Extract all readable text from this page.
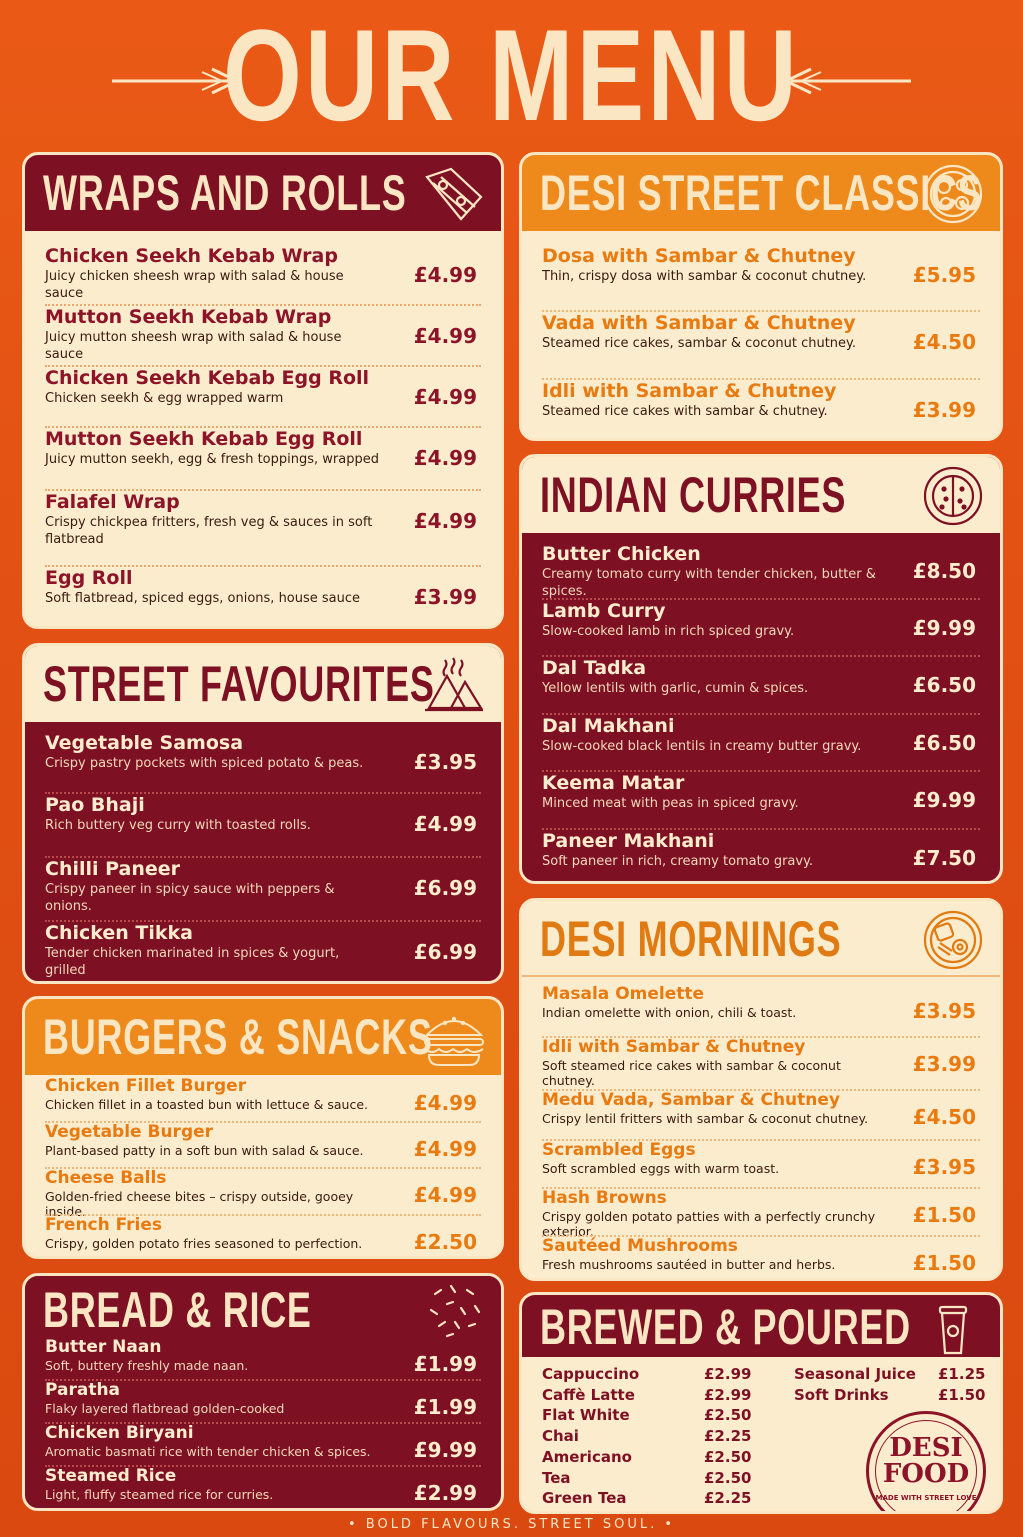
OUR MENU
WRAPS AND ROLLS
Chicken Seekh Kebab Wrap
Juicy chicken sheesh wrap with salad & house sauce
£4.99
Mutton Seekh Kebab Wrap
Juicy mutton sheesh wrap with salad & house sauce
£4.99
Chicken Seekh Kebab Egg Roll
Chicken seekh & egg wrapped warm	£4.99
Mutton Seekh Kebab Egg Roll
Juicy mutton seekh, egg & fresh toppings, wrapped	£4.99
Falafel Wrap
Crispy chickpea fritters, fresh veg & sauces in soft flatbread
£4.99
Egg Roll
Soft flatbread, spiced eggs, onions, house sauce	£3.99
STREET FAVOURITES
Vegetable Samosa
Crispy pastry pockets with spiced potato & peas.	£3.95
Pao Bhaji
Rich buttery veg curry with toasted rolls.	£4.99
Chilli Paneer
Crispy paneer in spicy sauce with peppers & onions.
£6.99
Chicken Tikka
Tender chicken marinated in spices & yogurt, grilled
£6.99
BURGERS & SNACKS
Chicken Fillet Burger
Chicken fillet in a toasted bun with lettuce & sauce.	£4.99
Vegetable Burger
Plant-based patty in a soft bun with salad & sauce.	£4.99
Cheese Balls
Golden-fried cheese bites – crispy outside, gooey inside.
£4.99
French Fries
Crispy, golden potato fries seasoned to perfection.	£2.50
BREAD & RICE
Butter Naan
Soft, buttery freshly made naan.	£1.99
Paratha
Flaky layered flatbread golden-cooked	£1.99
Chicken Biryani
Aromatic basmati rice with tender chicken & spices.	£9.99
Steamed Rice
Light, fluffy steamed rice for curries.	£2.99
DESI STREET CLASSICS
Dosa with Sambar & Chutney
Thin, crispy dosa with sambar & coconut chutney.	£5.95
Vada with Sambar & Chutney
Steamed rice cakes, sambar & coconut chutney.	£4.50
Idli with Sambar & Chutney
Steamed rice cakes with sambar & chutney.	£3.99
INDIAN CURRIES
Butter Chicken
Creamy tomato curry with tender chicken, butter & spices.
£8.50
Lamb Curry
Slow-cooked lamb in rich spiced gravy.	£9.99
Dal Tadka
Yellow lentils with garlic, cumin & spices.	£6.50
Dal Makhani
Slow-cooked black lentils in creamy butter gravy.	£6.50
Keema Matar
Minced meat with peas in spiced gravy.	£9.99
Paneer Makhani
Soft paneer in rich, creamy tomato gravy.	£7.50
DESI MORNINGS
Masala Omelette
Indian omelette with onion, chili & toast.	£3.95
Idli with Sambar & Chutney
Soft steamed rice cakes with sambar & coconut chutney.
£3.99
Medu Vada, Sambar & Chutney
Crispy lentil fritters with sambar & coconut chutney.	£4.50
Scrambled Eggs
Soft scrambled eggs with warm toast.	£3.95
Hash Browns
Crispy golden potato patties with a perfectly crunchy exterior.
£1.50
Sautéed Mushrooms
Fresh mushrooms sautéed in butter and herbs.	£1.50
BREWED & POURED
Cappuccino	£2.99
Caffè Latte	£2.99
Flat White	£2.50
Chai	£2.25
Americano	£2.50
Tea	£2.50
Green Tea	£2.25
Seasonal Juice £1.25
Soft Drinks	£1.50
DESI
FOOD
MADE WITH STREET LOVE
• BOLD FLAVOURS. STREET SOUL. •
